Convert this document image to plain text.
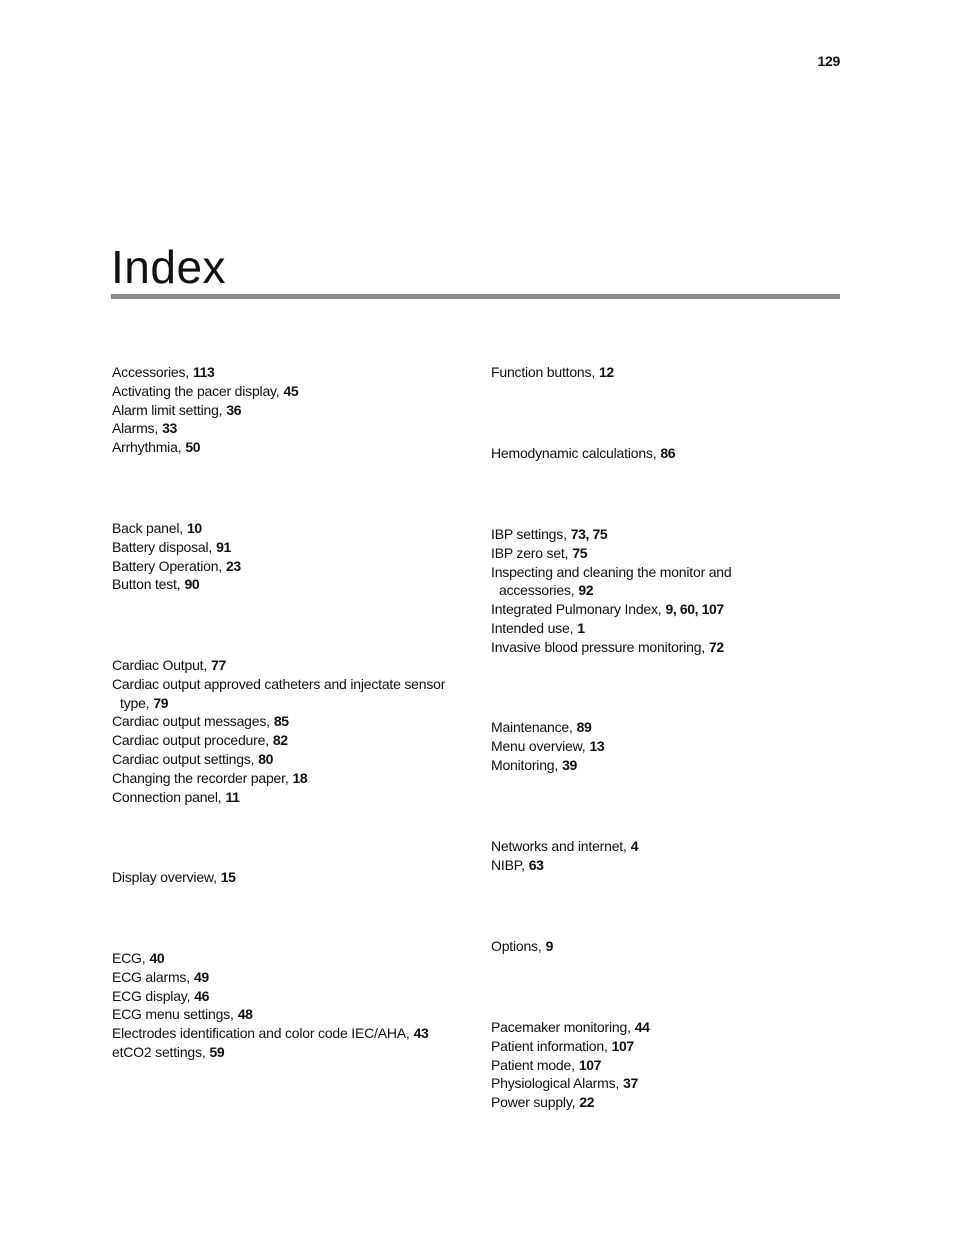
129
Index
Accessories, 113
Activating the pacer display, 45
Alarm limit setting, 36
Alarms, 33
Arrhythmia, 50
Back panel, 10
Battery disposal, 91
Battery Operation, 23
Button test, 90
Cardiac Output, 77
Cardiac output approved catheters and injectate sensor type, 79
Cardiac output messages, 85
Cardiac output procedure, 82
Cardiac output settings, 80
Changing the recorder paper, 18
Connection panel, 11
Display overview, 15
ECG, 40
ECG alarms, 49
ECG display, 46
ECG menu settings, 48
Electrodes identification and color code IEC/AHA, 43
etCO2 settings, 59
Function buttons, 12
Hemodynamic calculations, 86
IBP settings, 73, 75
IBP zero set, 75
Inspecting and cleaning the monitor and accessories, 92
Integrated Pulmonary Index, 9, 60, 107
Intended use, 1
Invasive blood pressure monitoring, 72
Maintenance, 89
Menu overview, 13
Monitoring, 39
Networks and internet, 4
NIBP, 63
Options, 9
Pacemaker monitoring, 44
Patient information, 107
Patient mode, 107
Physiological Alarms, 37
Power supply, 22
